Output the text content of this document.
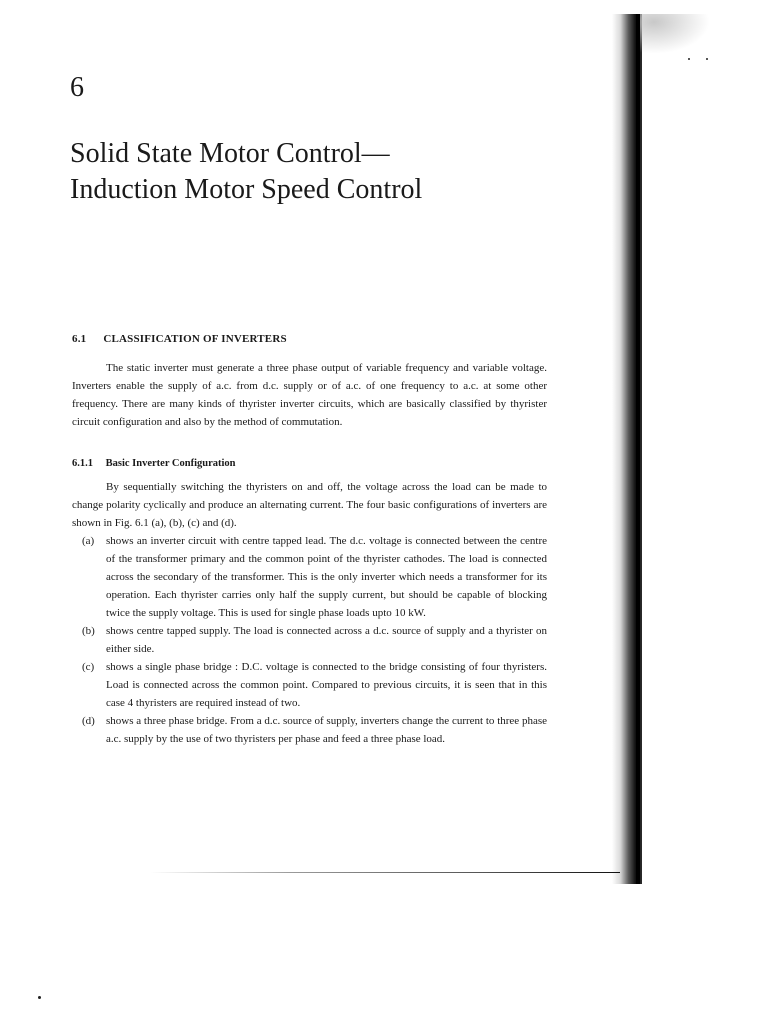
6
Solid State Motor Control—
Induction Motor Speed Control
6.1 CLASSIFICATION OF INVERTERS

The static inverter must generate a three phase output of variable frequency and variable voltage. Inverters enable the supply of a.c. from d.c. supply or of a.c. of one frequency to a.c. at some other frequency. There are many kinds of thyrister inverter circuits, which are basically classified by thyrister circuit configuration and also by the method of commutation.

6.1.1 Basic Inverter Configuration

By sequentially switching the thyristers on and off, the voltage across the load can be made to change polarity cyclically and produce an alternating current. The four basic configurations of inverters are shown in Fig. 6.1 (a), (b), (c) and (d).

(a) shows an inverter circuit with centre tapped lead. The d.c. voltage is connected between the centre of the transformer primary and the common point of the thyrister cathodes. The load is connected across the secondary of the transformer. This is the only inverter which needs a transformer for its operation. Each thyrister carries only half the supply current, but should be capable of blocking twice the supply voltage. This is used for single phase loads upto 10 kW.
(b) shows centre tapped supply. The load is connected across a d.c. source of supply and a thyrister on either side.
(c) shows a single phase bridge : D.C. voltage is connected to the bridge consisting of four thyristers. Load is connected across the common point. Compared to previous circuits, it is seen that in this case 4 thyristers are required instead of two.
(d) shows a three phase bridge. From a d.c. source of supply, inverters change the current to three phase a.c. supply by the use of two thyristers per phase and feed a three phase load.
